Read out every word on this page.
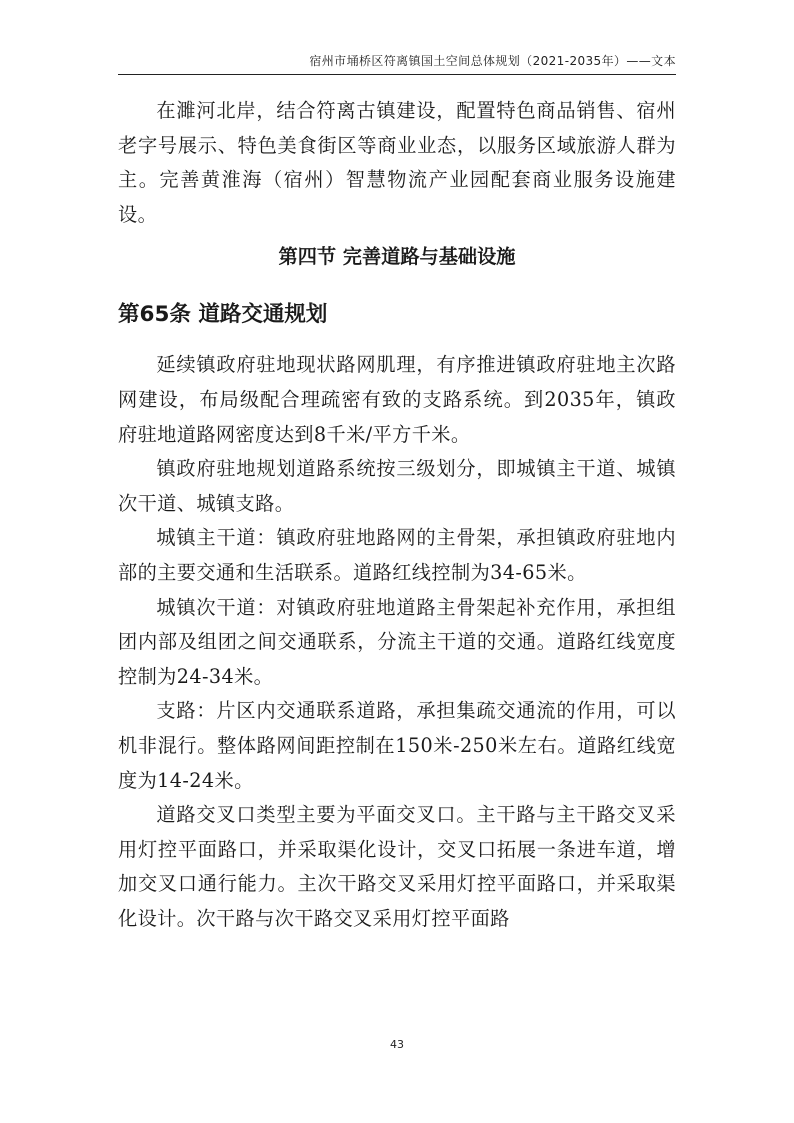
宿州市埇桥区符离镇国土空间总体规划（2021-2035年）——文本

在濉河北岸，结合符离古镇建设，配置特色商品销售、宿州老字号展示、特色美食街区等商业业态，以服务区域旅游人群为主。完善黄淮海（宿州）智慧物流产业园配套商业服务设施建设。

第四节 完善道路与基础设施
第65条 道路交通规划

延续镇政府驻地现状路网肌理，有序推进镇政府驻地主次路网建设，布局级配合理疏密有致的支路系统。到2035年，镇政府驻地道路网密度达到8千米/平方千米。

镇政府驻地规划道路系统按三级划分，即城镇主干道、城镇次干道、城镇支路。

城镇主干道：镇政府驻地路网的主骨架，承担镇政府驻地内部的主要交通和生活联系。道路红线控制为34-65米。

城镇次干道：对镇政府驻地道路主骨架起补充作用，承担组团内部及组团之间交通联系，分流主干道的交通。道路红线宽度控制为24-34米。

支路：片区内交通联系道路，承担集疏交通流的作用，可以机非混行。整体路网间距控制在150米-250米左右。道路红线宽度为14-24米。

道路交叉口类型主要为平面交叉口。主干路与主干路交叉采用灯控平面路口，并采取渠化设计，交叉口拓展一条进车道，增加交叉口通行能力。主次干路交叉采用灯控平面路口，并采取渠化设计。次干路与次干路交叉采用灯控平面路

43
